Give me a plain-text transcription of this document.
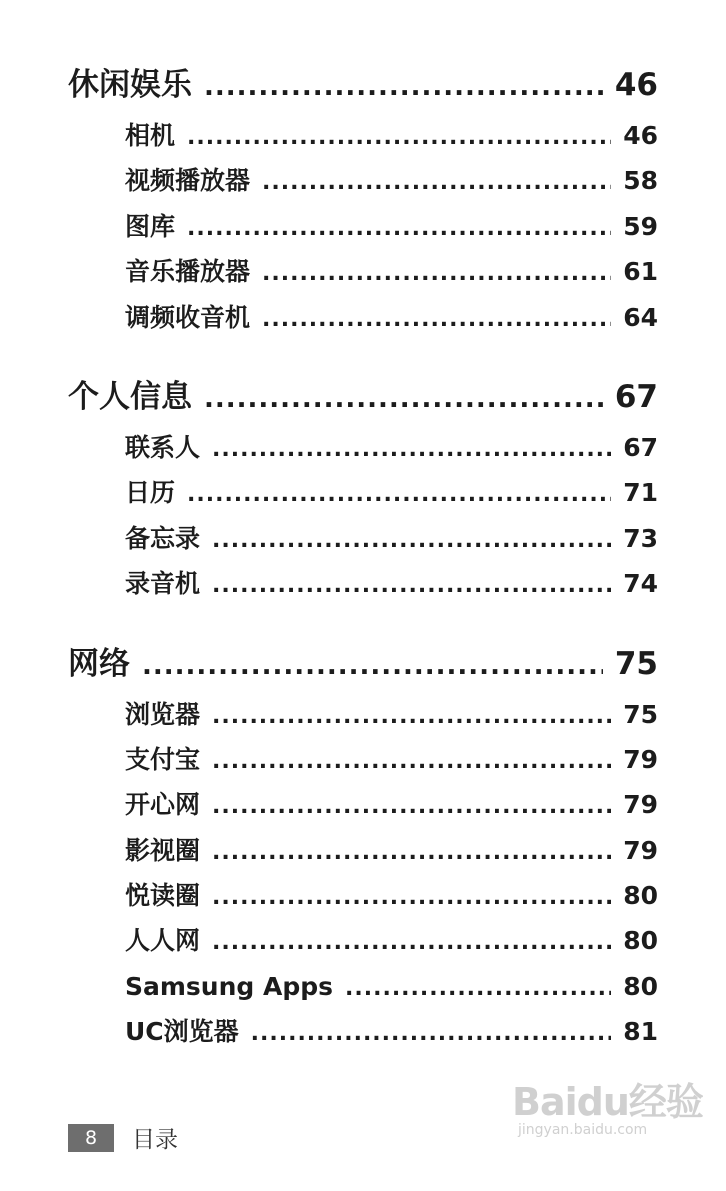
休闲娱乐 .....	46
相机 .....	46
视频播放器 .....	58
图库 .....	59
音乐播放器 .....	61
调频收音机 .....	64
个人信息 .....	67
联系人 .....	67
日历 .....	71
备忘录 .....	73
录音机 .....	74
网络 .....	75
浏览器 .....	75
支付宝 .....	79
开心网 .....	79
影视圈 .....	79
悦读圈 .....	80
人人网 .....	80
Samsung Apps .....	80
UC浏览器 .....	81
8	目录
Baidu经验
jingyan.baidu.com
